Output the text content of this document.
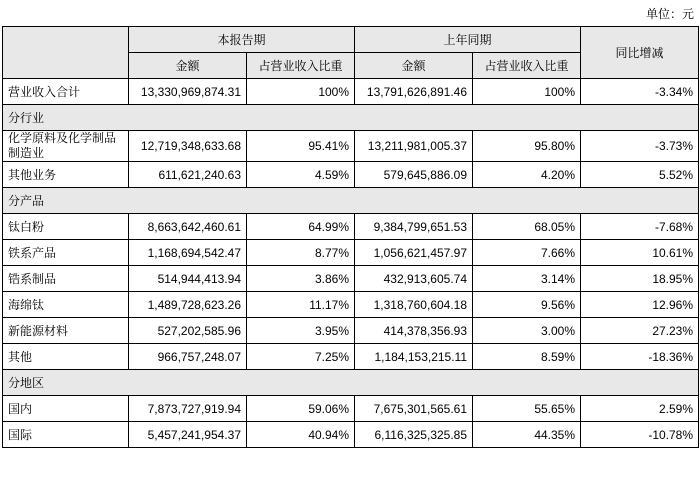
单位：元
	本报告期		上年同期		同比增减
	金额	占营业收入比重	金额	占营业收入比重	
营业收入合计	13,330,969,874.31	100%	13,791,626,891.46	100%	-3.34%
分行业					
化学原料及化学制品制造业	12,719,348,633.68	95.41%	13,211,981,005.37	95.80%	-3.73%
其他业务	611,621,240.63	4.59%	579,645,886.09	4.20%	5.52%
分产品					
钛白粉	8,663,642,460.61	64.99%	9,384,799,651.53	68.05%	-7.68%
铁系产品	1,168,694,542.47	8.77%	1,056,621,457.97	7.66%	10.61%
锆系制品	514,944,413.94	3.86%	432,913,605.74	3.14%	18.95%
海绵钛	1,489,728,623.26	11.17%	1,318,760,604.18	9.56%	12.96%
新能源材料	527,202,585.96	3.95%	414,378,356.93	3.00%	27.23%
其他	966,757,248.07	7.25%	1,184,153,215.11	8.59%	-18.36%
分地区					
国内	7,873,727,919.94	59.06%	7,675,301,565.61	55.65%	2.59%
国际	5,457,241,954.37	40.94%	6,116,325,325.85	44.35%	-10.78%
